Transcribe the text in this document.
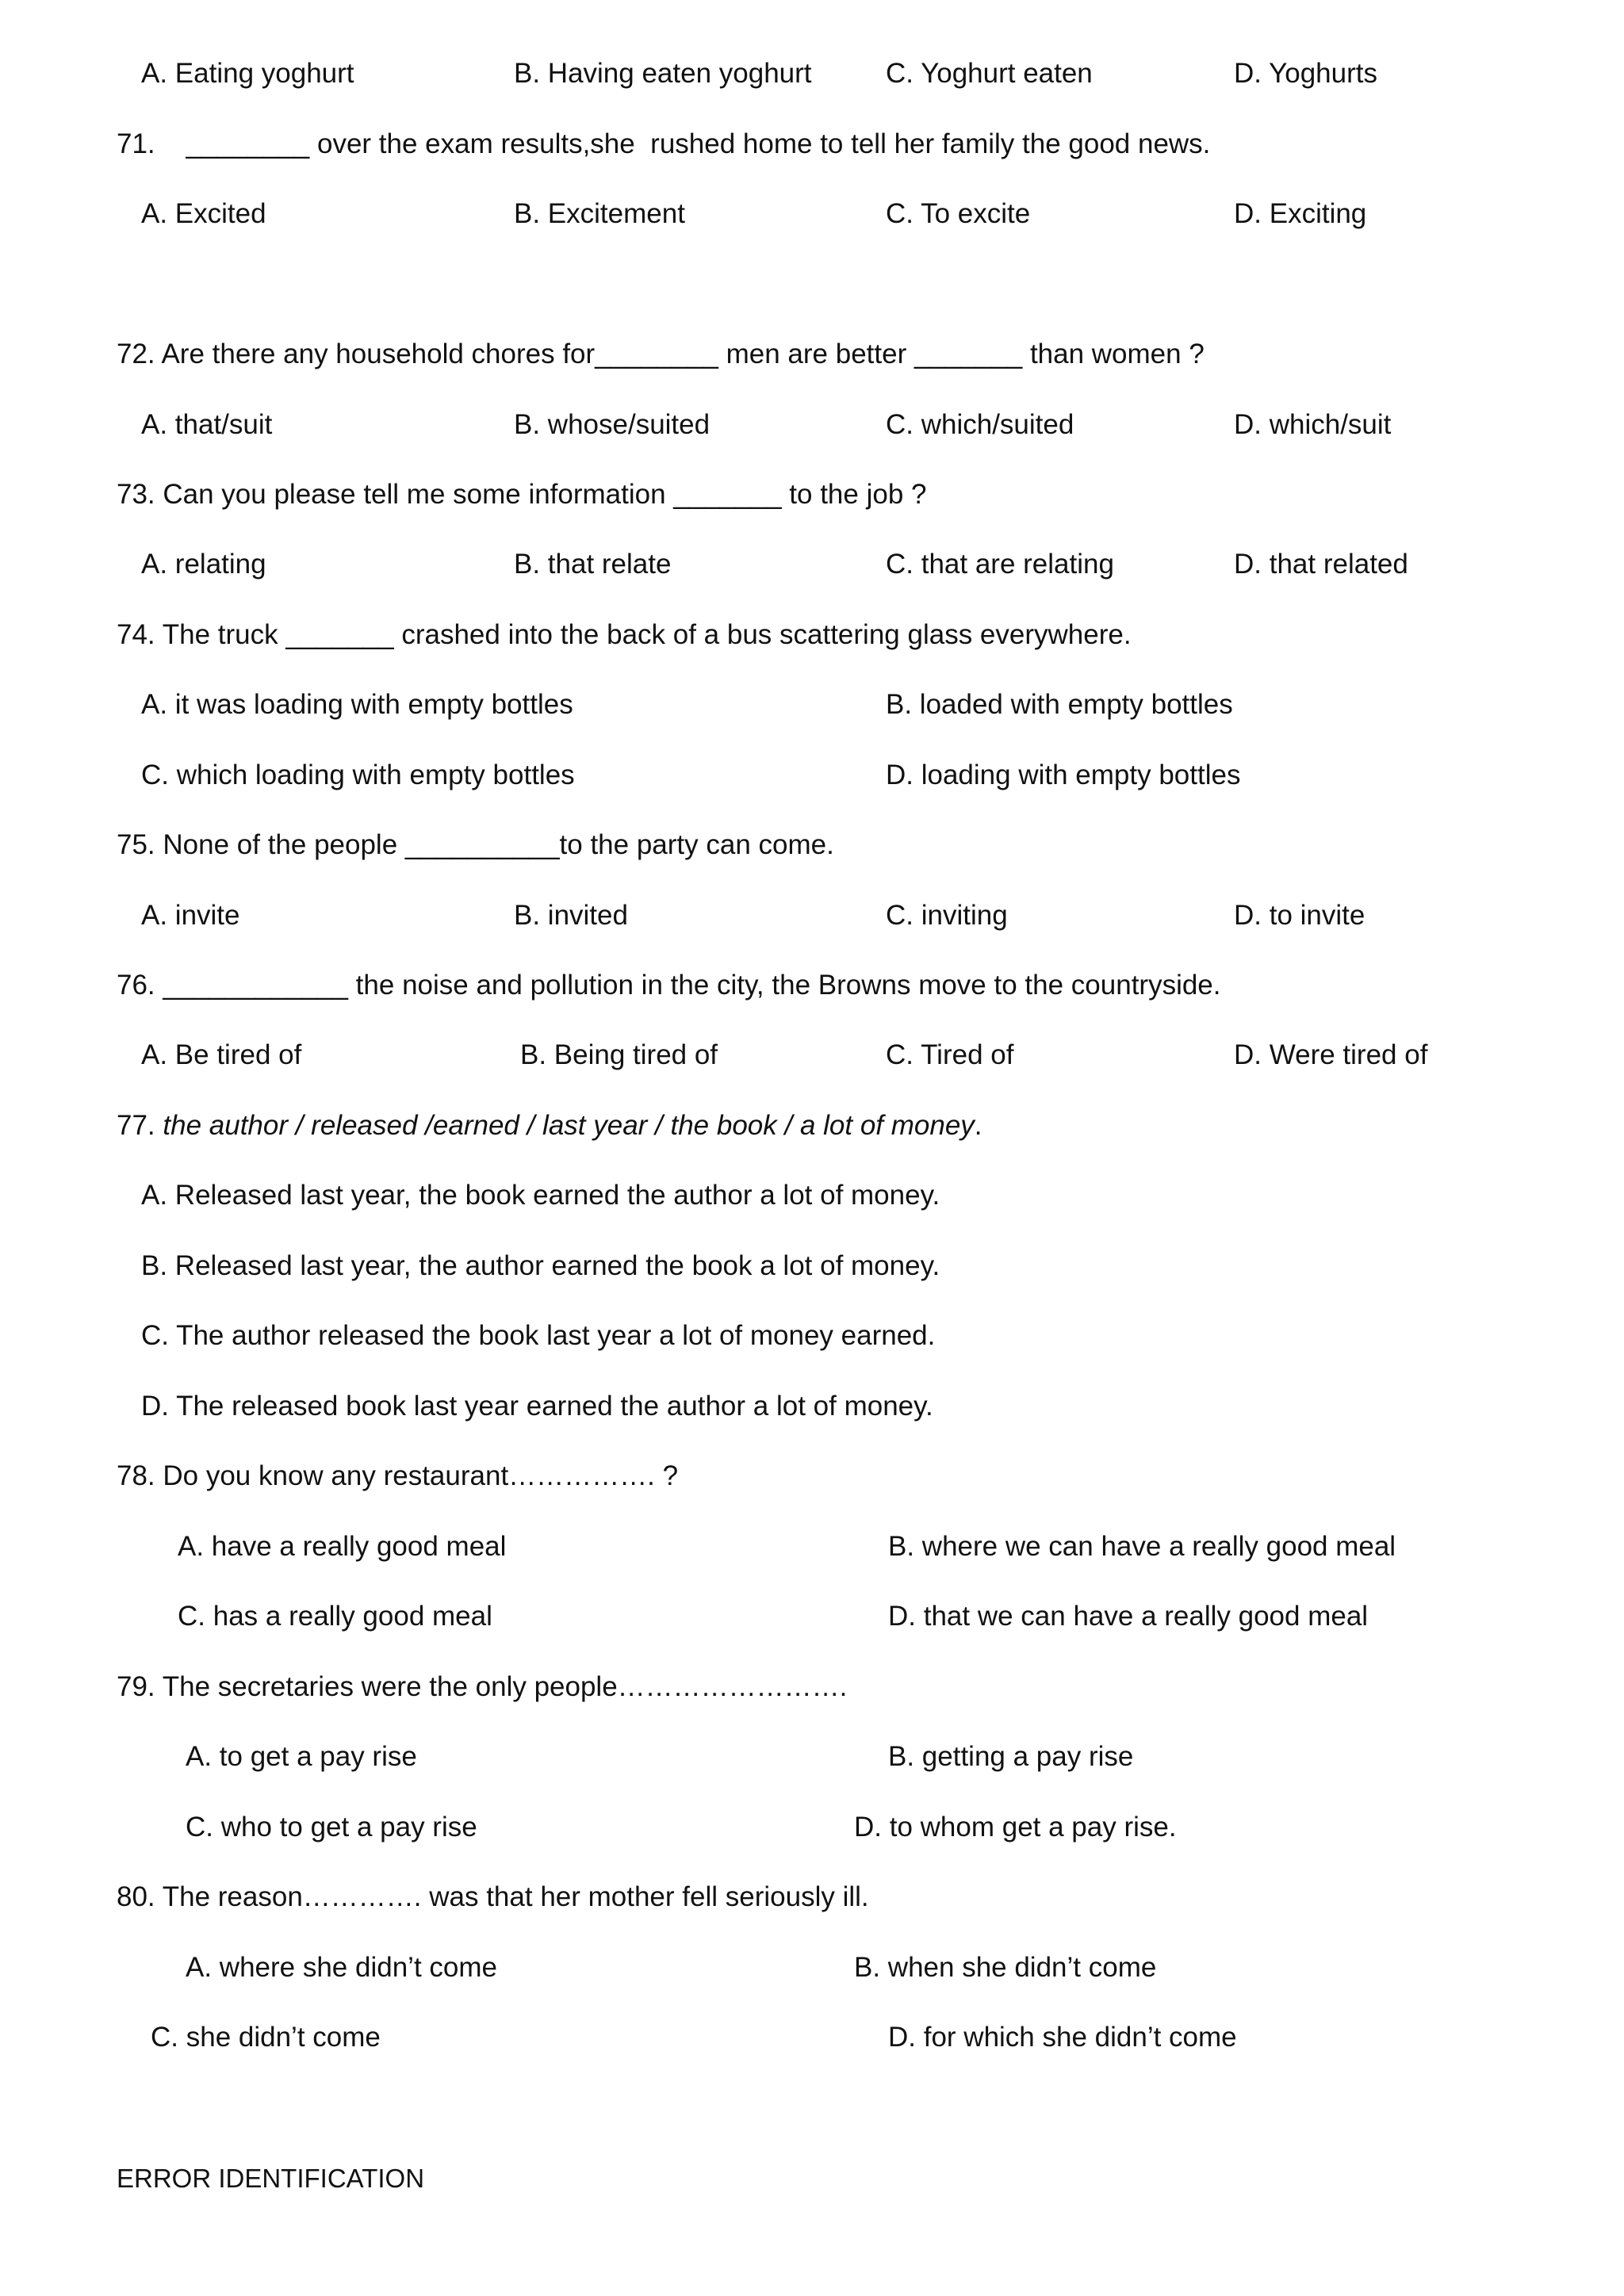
A. Eating yoghurt	B. Having eaten yoghurt	C. Yoghurt eaten	D. Yoghurts
71.    ________ over the exam results,she  rushed home to tell her family the good news.
A. Excited	B. Excitement	C. To excite	D. Exciting
72. Are there any household chores for________ men are better _______ than women ?
A. that/suit	B. whose/suited	C. which/suited	D. which/suit
73. Can you please tell me some information _______ to the job ?
A. relating	B. that relate	C. that are relating	D. that related
74. The truck _______ crashed into the back of a bus scattering glass everywhere.
A. it was loading with empty bottles	B. loaded with empty bottles
C. which loading with empty bottles	D. loading with empty bottles
75. None of the people __________to the party can come.
A. invite	B. invited	C. inviting	D. to invite
76. ____________ the noise and pollution in the city, the Browns move to the countryside.
A. Be tired of	B. Being tired of	C. Tired of	D. Were tired of
77. the author / released /earned / last year / the book / a lot of money.
A. Released last year, the book earned the author a lot of money.
B. Released last year, the author earned the book a lot of money.
C. The author released the book last year a lot of money earned.
D. The released book last year earned the author a lot of money.
78. Do you know any restaurant……………. ?
A. have a really good meal	B. where we can have a really good meal
C. has a really good meal	D. that we can have a really good meal
79. The secretaries were the only people…………………….
A. to get a pay rise	B. getting a pay rise
C. who to get a pay rise	D. to whom get a pay rise.
80. The reason…………. was that her mother fell seriously ill.
A. where she didn’t come	B. when she didn’t come
C. she didn’t come	D. for which she didn’t come
ERROR IDENTIFICATION
